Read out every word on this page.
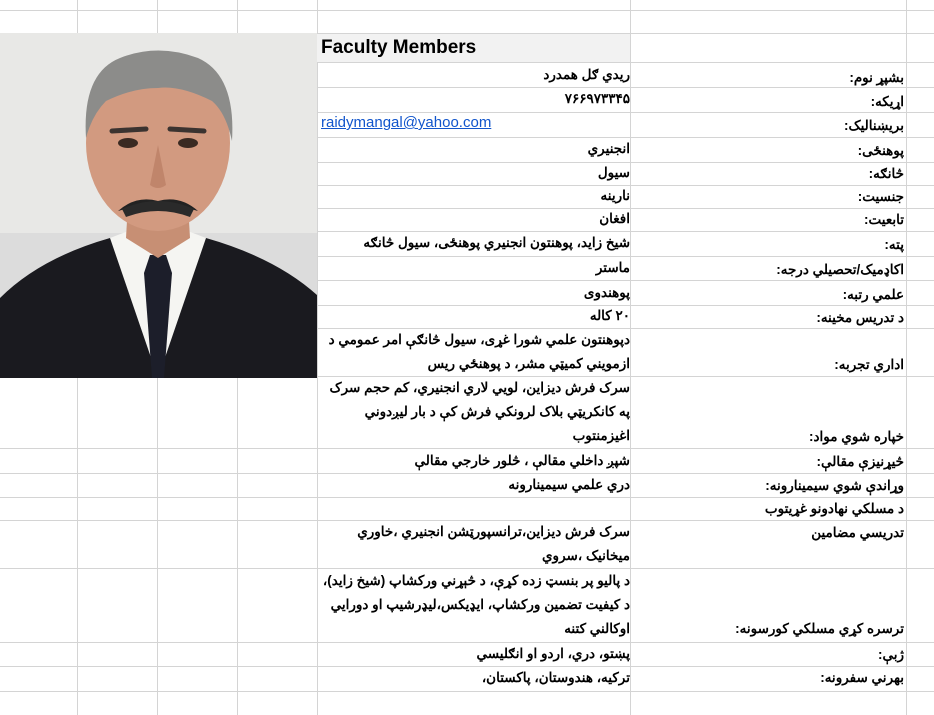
Faculty Members
ريدي ګل همدرد
۷۶۶۹۷۳۳۴۵
raidymangal@yahoo.com
انجنيري
سیول
نارينه
افغان
شيخ زايد، پوهنتون انجنيري پوهنځی، سیول څانګه
ماستر
پوهندوی
۲۰ كاله
دپوهنتون علمي شورا غړی، سیول څانګې امر عمومي د ازمويني کميټي مشر، د پوهنځي ريس
سرک فرش ديزاين، لويي لاري انجنيري، کم حجم سرک په کانکريټي بلاک لرونکي فرش کې د بار ليږدوني اغيزمنتوب
شپږ داخلي مقالې ، څلور خارجي مقالې
دري علمي سيمينارونه
سرک فرش ديزاين،ترانسپورټشن انجنيري ،خاوري ميخانيک ،سروي
د پاليو پر بنسټ زده کړې، د څېړني ورکشاپ (شيخ زايد)، د کيفيت تضمين ورکشاپ، ايډيکس،ليډرشيپ او دورايي اوکالني کتنه
پښتو، دري، اردو او انګليسي
ترکيه، هندوستان، پاکستان،
بشپړ نوم:
اړیکه:
بریښنالیک:
پوهنځی:
څانګه:
جنسیت:
تابعیت:
پته:
اکاډمیک/تحصیلي درجه:
علمي رتبه:
د تدریس مخینه:
اداري تجربه:
خپاره شوي مواد:
څیړنیزې مقالې:
وړاندې شوي سیمینارونه:
د مسلکي نهادونو غړیتوب
تدریسي مضامین
ترسره کړي مسلکي کورسونه:
ژبې:
بهرني سفرونه:
